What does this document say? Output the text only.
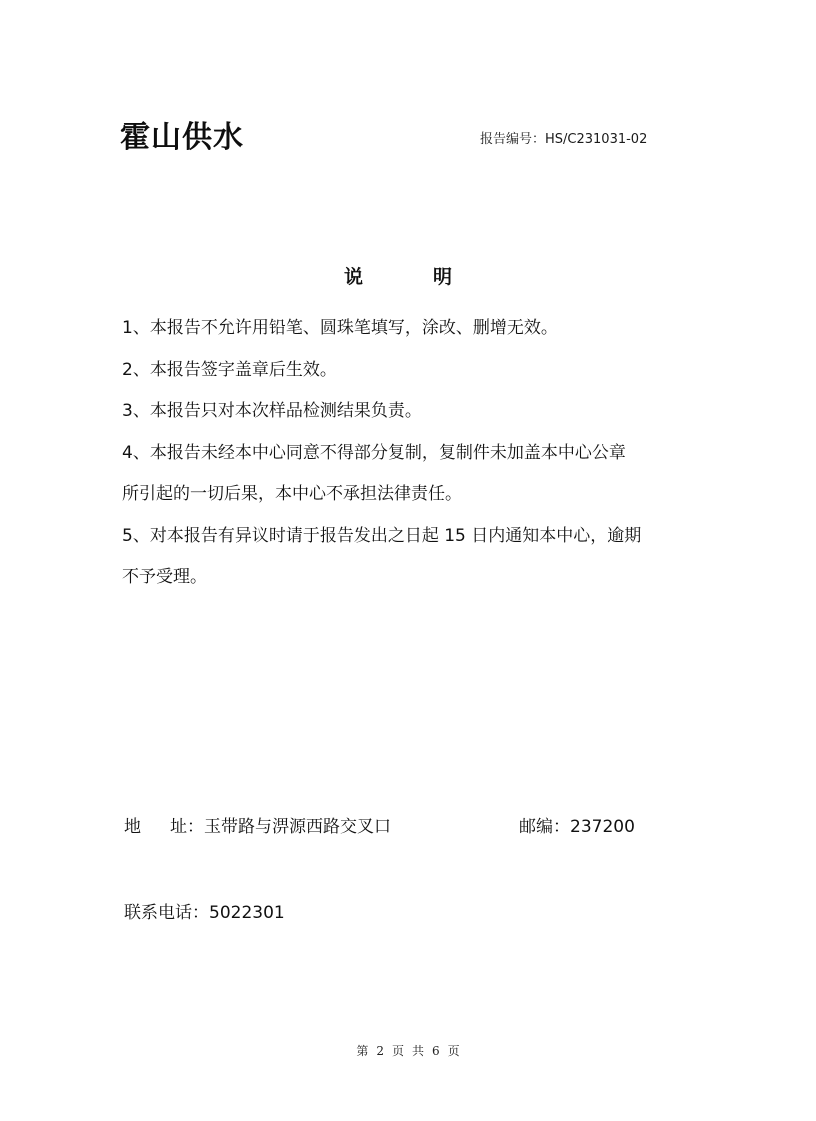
霍山供水	报告编号：HS/C231031-02
说明

1、本报告不允许用铅笔、圆珠笔填写，涂改、删增无效。

2、本报告签字盖章后生效。

3、本报告只对本次样品检测结果负责。

4、本报告未经本中心同意不得部分复制，复制件未加盖本中心公章

所引起的一切后果，本中心不承担法律责任。

5、对本报告有异议时请于报告发出之日起 15 日内通知本中心，逾期

不予受理。

地 址：玉带路与淠源西路交叉口	邮编：237200
联系电话：5022301
第 2 页 共 6 页
